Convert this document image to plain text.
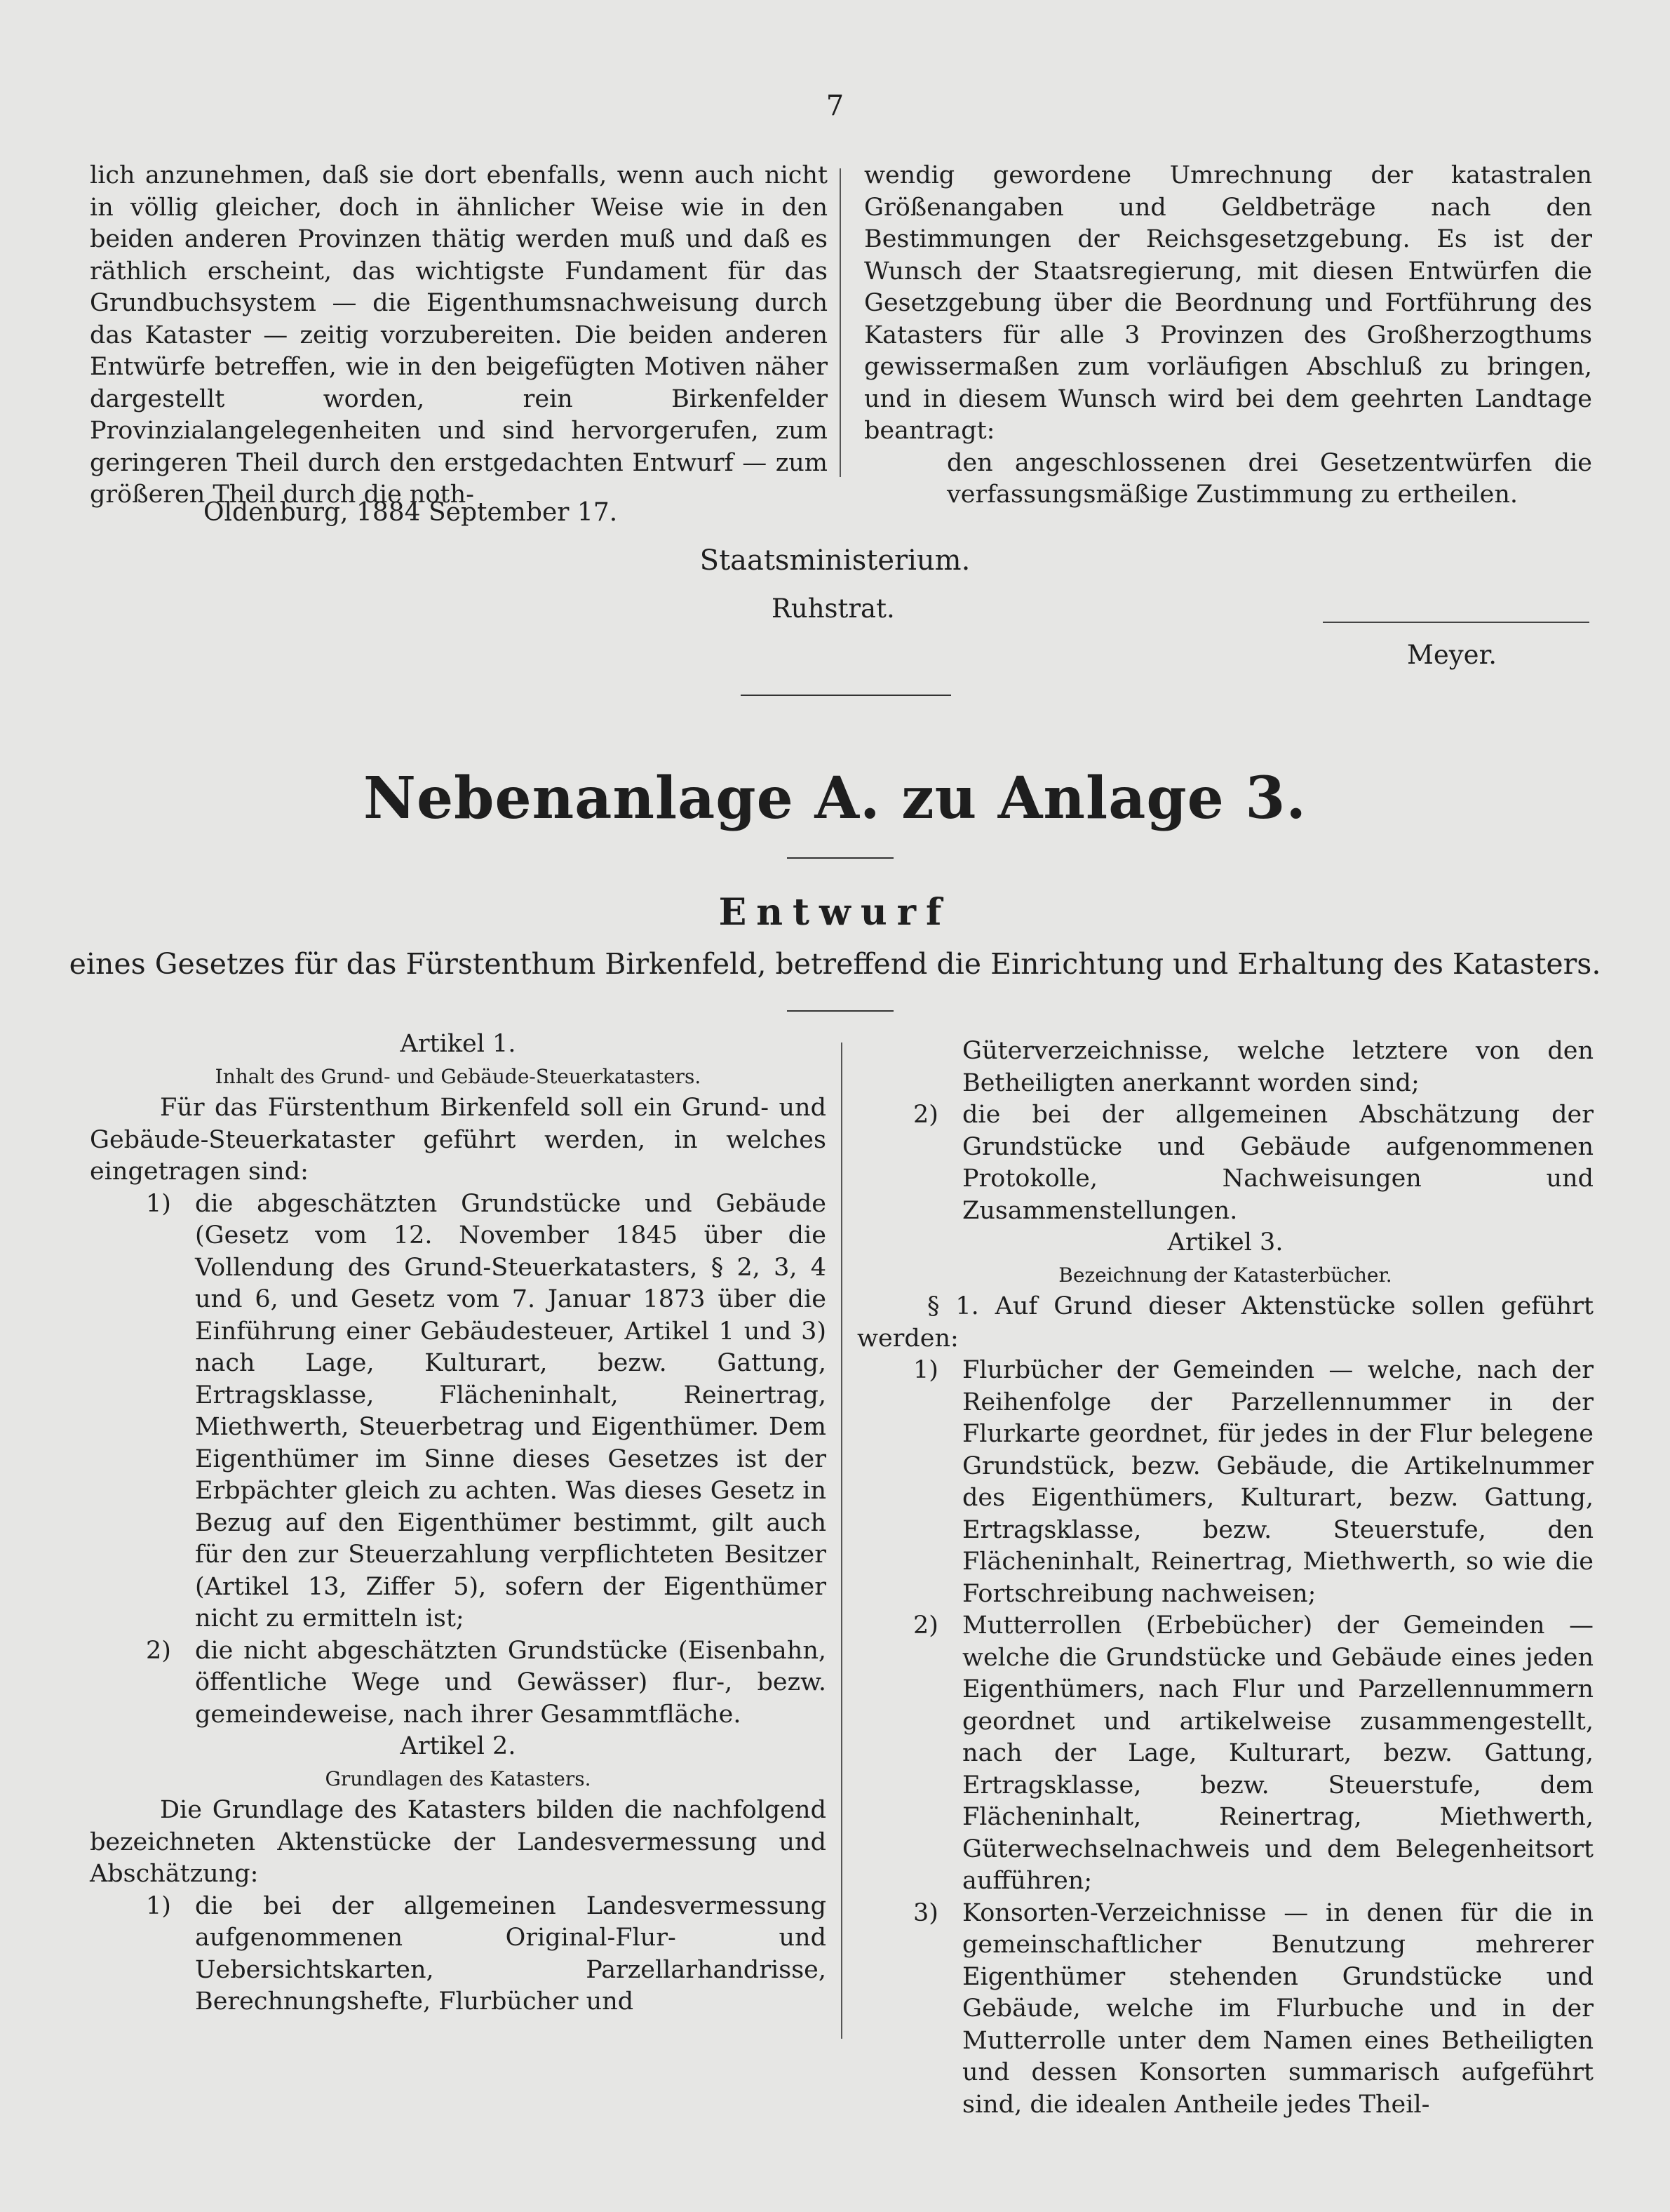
7

lich anzunehmen, daß sie dort ebenfalls, wenn auch nicht in völlig gleicher, doch in ähnlicher Weise wie in den beiden anderen Provinzen thätig werden muß und daß es räthlich erscheint, das wichtigste Fundament für das Grundbuchsystem — die Eigenthumsnachweisung durch das Kataster — zeitig vorzubereiten. Die beiden anderen Entwürfe betreffen, wie in den beigefügten Motiven näher dargestellt worden, rein Birkenfelder Provinzialangelegenheiten und sind hervorgerufen, zum geringeren Theil durch den erstgedachten Entwurf — zum größeren Theil durch die noth-

Oldenburg, 1884 September 17.

wendig gewordene Umrechnung der katastralen Größenangaben und Geldbeträge nach den Bestimmungen der Reichsgesetzgebung. Es ist der Wunsch der Staatsregierung, mit diesen Entwürfen die Gesetzgebung über die Beordnung und Fortführung des Katasters für alle 3 Provinzen des Großherzogthums gewissermaßen zum vorläufigen Abschluß zu bringen, und in diesem Wunsch wird bei dem geehrten Landtage beantragt:

den angeschlossenen drei Gesetzentwürfen die verfassungsmäßige Zustimmung zu ertheilen.

Staatsministerium.
Ruhstrat.
Meyer.
Nebenanlage A. zu Anlage 3.
Entwurf
eines Gesetzes für das Fürstenthum Birkenfeld, betreffend die Einrichtung und Erhaltung des Katasters.

Artikel 1.

Inhalt des Grund- und Gebäude-Steuerkatasters.

Für das Fürstenthum Birkenfeld soll ein Grund- und Gebäude-Steuerkataster geführt werden, in welches eingetragen sind:

1) die abgeschätzten Grundstücke und Gebäude (Gesetz vom 12. November 1845 über die Vollendung des Grund-Steuerkatasters, § 2, 3, 4 und 6, und Gesetz vom 7. Januar 1873 über die Einführung einer Gebäudesteuer, Artikel 1 und 3) nach Lage, Kulturart, bezw. Gattung, Ertragsklasse, Flächeninhalt, Reinertrag, Miethwerth, Steuerbetrag und Eigenthümer. Dem Eigenthümer im Sinne dieses Gesetzes ist der Erbpächter gleich zu achten. Was dieses Gesetz in Bezug auf den Eigenthümer bestimmt, gilt auch für den zur Steuerzahlung verpflichteten Besitzer (Artikel 13, Ziffer 5), sofern der Eigenthümer nicht zu ermitteln ist;
2) die nicht abgeschätzten Grundstücke (Eisenbahn, öffentliche Wege und Gewässer) flur-, bezw. gemeindeweise, nach ihrer Gesammtfläche.

Artikel 2.

Grundlagen des Katasters.

Die Grundlage des Katasters bilden die nachfolgend bezeichneten Aktenstücke der Landesvermessung und Abschätzung:

1) die bei der allgemeinen Landesvermessung aufgenommenen Original-Flur- und Uebersichtskarten, Parzellarhandrisse, Berechnungshefte, Flurbücher und
Güterverzeichnisse, welche letztere von den Betheiligten anerkannt worden sind;
2) die bei der allgemeinen Abschätzung der Grundstücke und Gebäude aufgenommenen Protokolle, Nachweisungen und Zusammenstellungen.

Artikel 3.

Bezeichnung der Katasterbücher.

§ 1. Auf Grund dieser Aktenstücke sollen geführt werden:

1) Flurbücher der Gemeinden — welche, nach der Reihenfolge der Parzellennummer in der Flurkarte geordnet, für jedes in der Flur belegene Grundstück, bezw. Gebäude, die Artikelnummer des Eigenthümers, Kulturart, bezw. Gattung, Ertragsklasse, bezw. Steuerstufe, den Flächeninhalt, Reinertrag, Miethwerth, so wie die Fortschreibung nachweisen;
2) Mutterrollen (Erbebücher) der Gemeinden — welche die Grundstücke und Gebäude eines jeden Eigenthümers, nach Flur und Parzellennummern geordnet und artikelweise zusammengestellt, nach der Lage, Kulturart, bezw. Gattung, Ertragsklasse, bezw. Steuerstufe, dem Flächeninhalt, Reinertrag, Miethwerth, Güterwechselnachweis und dem Belegenheitsort aufführen;
3) Konsorten-Verzeichnisse — in denen für die in gemeinschaftlicher Benutzung mehrerer Eigenthümer stehenden Grundstücke und Gebäude, welche im Flurbuche und in der Mutterrolle unter dem Namen eines Betheiligten und dessen Konsorten summarisch aufgeführt sind, die idealen Antheile jedes Theil-
